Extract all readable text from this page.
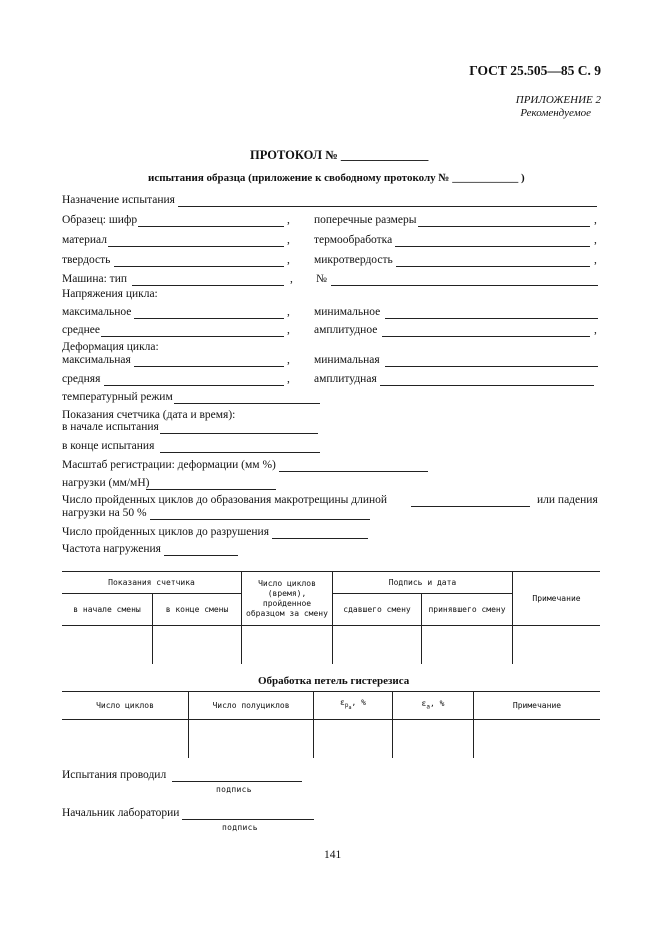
ГОСТ 25.505—85 С. 9
ПРИЛОЖЕНИЕ 2
Рекомендуемое
ПРОТОКОЛ № ______________
испытания образца (приложение к свободному протоколу № ____________ )
Назначение испытания
Образец: шифр	, поперечные размеры	,
материал	, термообработка	,
твердость	, микротвердость	,
Машина: тип	, №
Напряжения цикла:
максимальное	, минимальное
среднее	, амплитудное	,
Деформация цикла:
максимальная	, минимальная
средняя	, амплитудная
температурный режим
Показания счетчика (дата и время):
в начале испытания
в конце испытания
Масштаб регистрации: деформации (мм %)
нагрузки (мм/мН)
Число пройденных циклов до образования макротрещины длиной	или падения
нагрузки на 50 %
Число пройденных циклов до разрушения
Частота нагружения
Показания счетчика		Число циклов (время), пройденное образцом за смену	Подпись и дата		Примечание
в начале смены	в конце смены		сдавшего смену	принявшего смену	

Обработка петель гистерезиса
Число циклов	Число полуциклов	$\varepsilon_{р_а}$, %	$\varepsilon_а$, %	Примечание

Испытания проводил
подпись
Начальник лаборатории
подпись
141
